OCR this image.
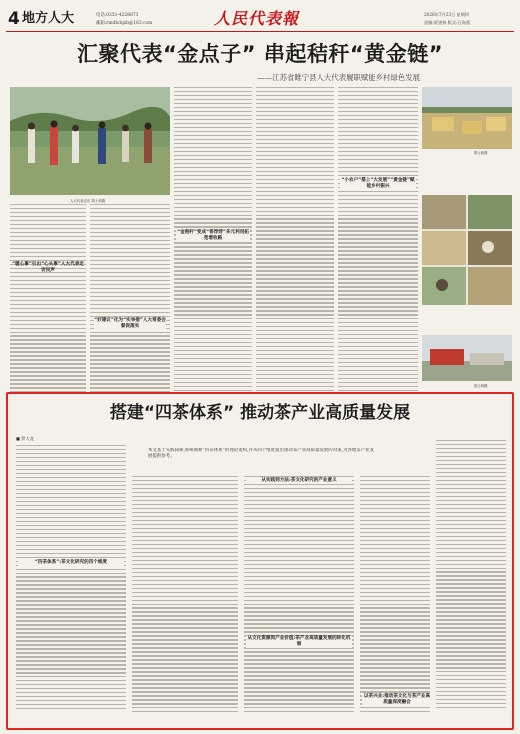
4 地方人大	电话:0351-4228873
邮箱:rmdbdqzb@163.com	人民代表報	2026年7月23日 星期四
责编:贾建林 版式:石海燕
汇聚代表“金点子” 串起秸秆“黄金链”
——江苏省睢宁县人大代表履职赋能乡村绿色发展
人大代表走访 胡士和摄
“暖心事”引出“心头事”人大代表走访民声
“好建议”化为“实举措”人大常委会督促落实
“金秸秆”变成“香饽饽”多元利用拓宽增收路
“小农户”搭上“大发展”“黄金链”赋能乡村振兴
胡士和摄
胡士和摄
搭建“四茶体系” 推动茶产业高质量发展
■ 罗大龙
本文基于实践探索,系统阐释“四茶体系”的理论架构,并从四个维度提出推动茶产业高质量发展的对策,为各地茶产业发展提供参考。
“四茶体系”:茶文化研究的四个维度
从实践到方法:茶文化研究的产业意义
从文化资源到产业价值:茶产业高质量发展的转化机制
以茶兴业:推动茶文化与茶产业高质量深度融合
